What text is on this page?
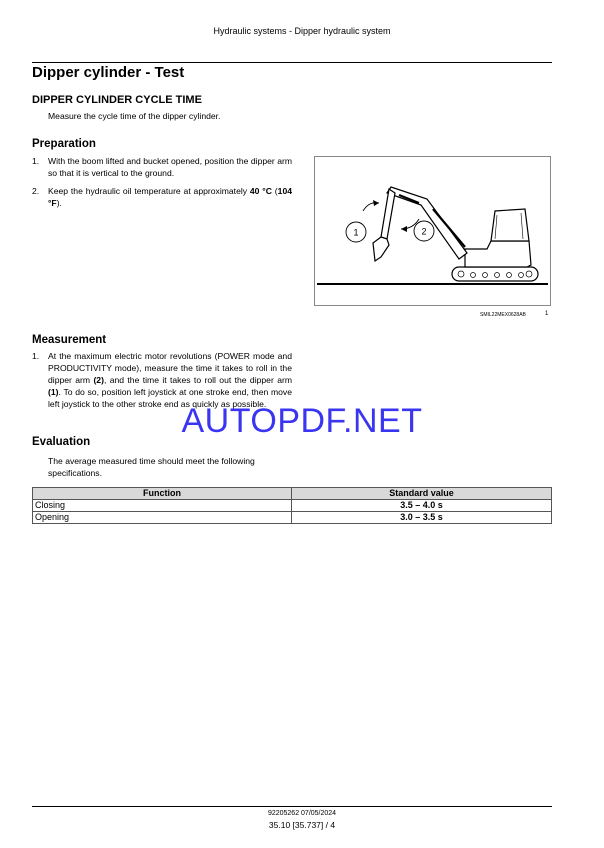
Hydraulic systems - Dipper hydraulic system
Dipper cylinder - Test
DIPPER CYLINDER CYCLE TIME
Measure the cycle time of the dipper cylinder.
Preparation
1.	With the boom lifted and bucket opened, position the dipper arm so that it is vertical to the ground.
2.	Keep the hydraulic oil temperature at approximately 40 °C (104 °F).
1	2
SMIL22MEX0628AB	1
Measurement
1.	At the maximum electric motor revolutions (POWER mode and PRODUCTIVITY mode), measure the time it takes to roll in the dipper arm (2), and the time it takes to roll out the dipper arm (1). To do so, position left joystick at one stroke end, then move left joystick to the other stroke end as quickly as possible.
AUTOPDF.NET
Evaluation
The average measured time should meet the following specifications.
Function	Standard value
Closing	3.5 – 4.0 s
Opening	3.0 – 3.5 s
92205262 07/05/2024
35.10 [35.737] / 4
